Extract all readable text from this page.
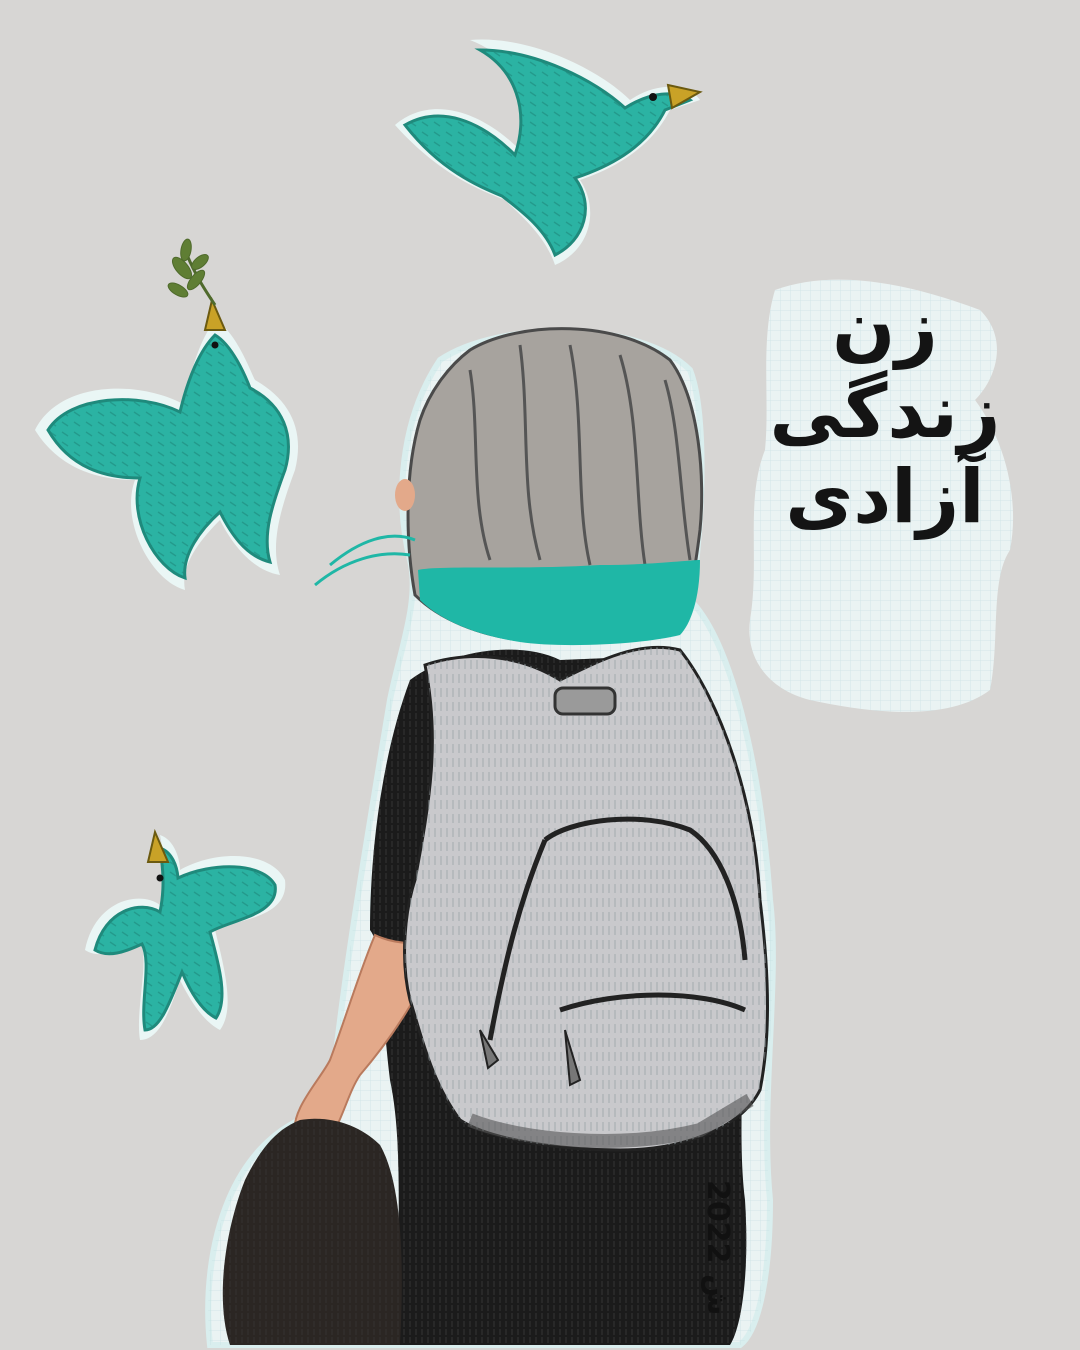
زن
زندگی
آزادی
ش 2022
